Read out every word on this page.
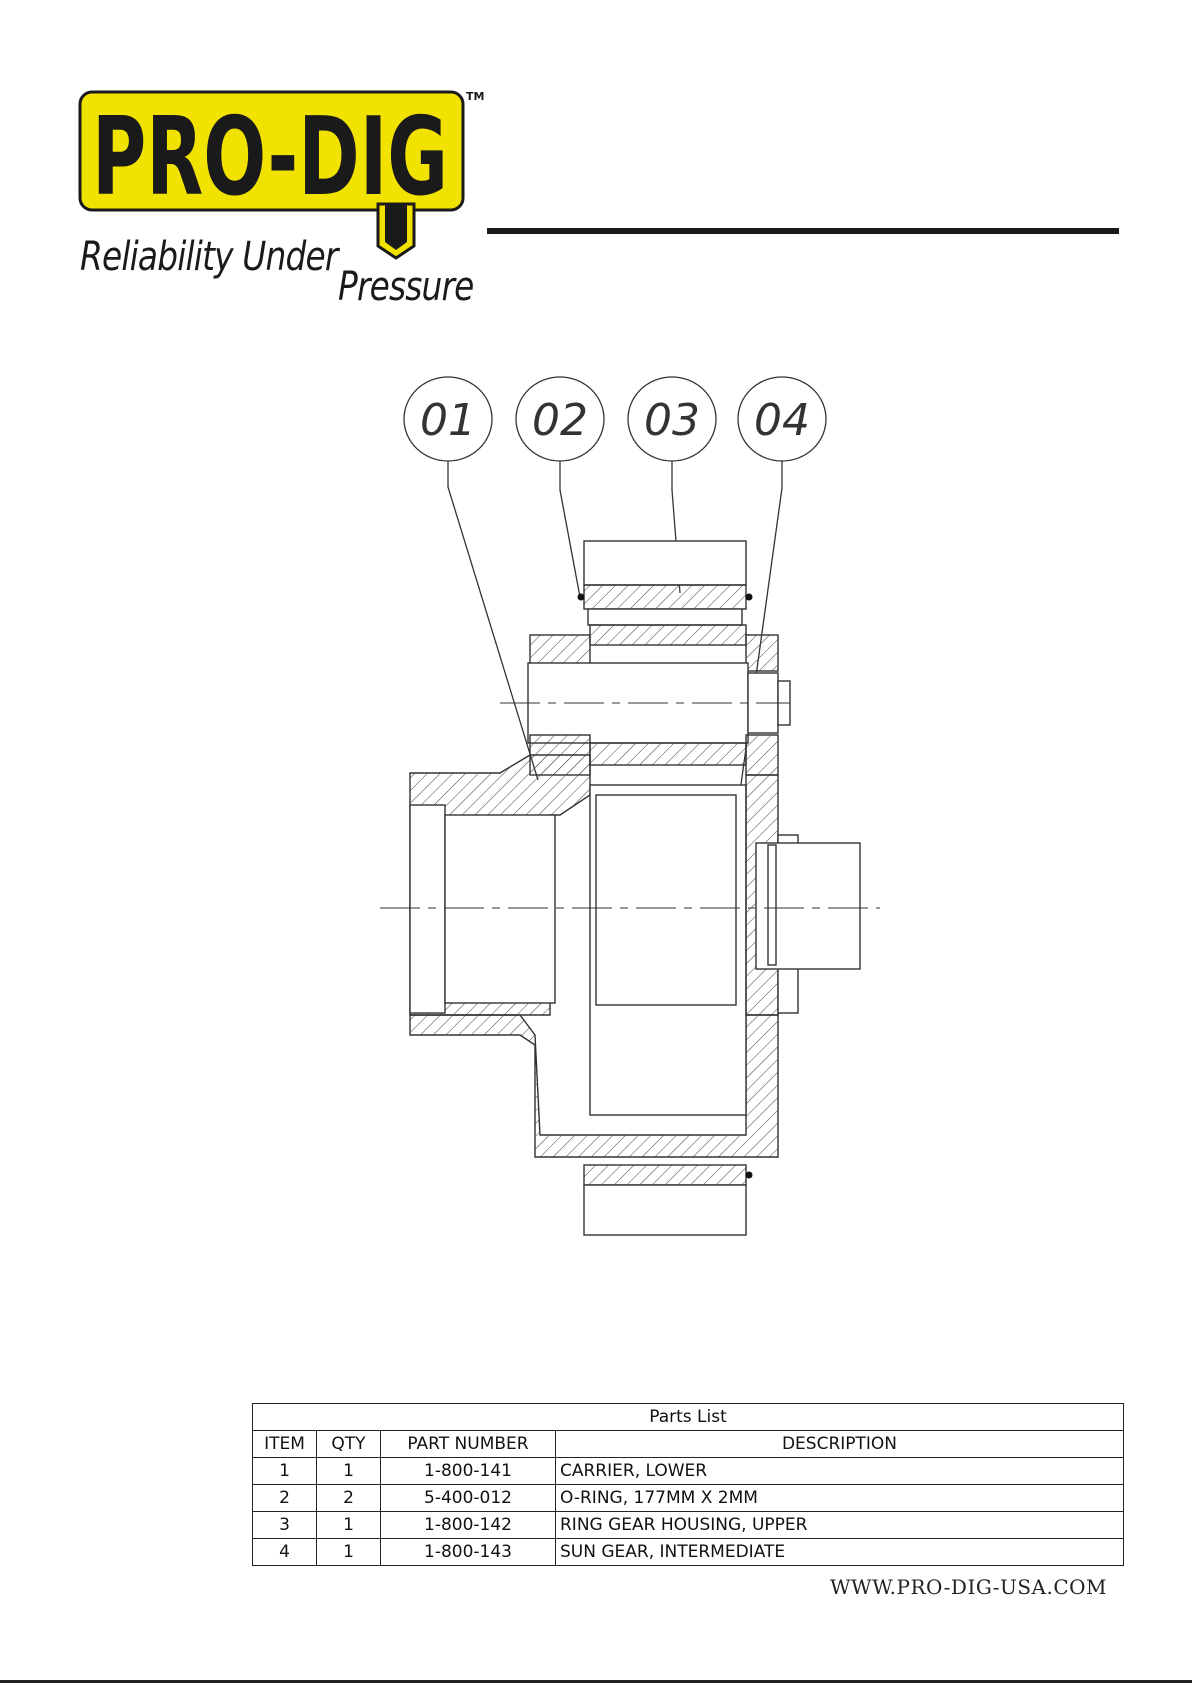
PRO-DIG TM
Reliability Under
Pressure
01 02 03 04
Parts List			
ITEM	QTY	PART NUMBER	DESCRIPTION
1	1	1-800-141	CARRIER, LOWER
2	2	5-400-012	O-RING, 177MM X 2MM
3	1	1-800-142	RING GEAR HOUSING, UPPER
4	1	1-800-143	SUN GEAR, INTERMEDIATE
WWW.PRO-DIG-USA.COM
